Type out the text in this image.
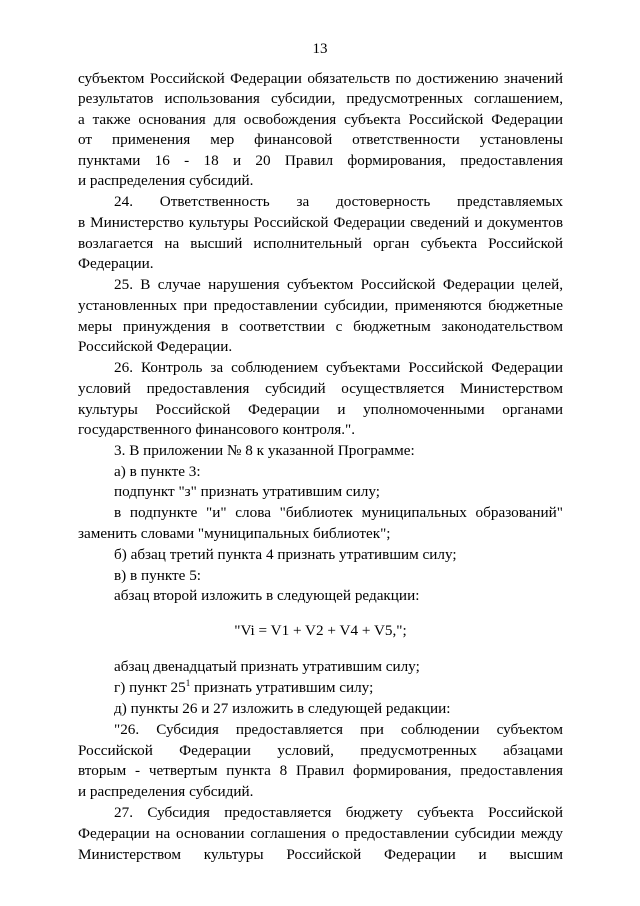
13
субъектом Российской Федерации обязательств по достижению значений
результатов использования субсидии, предусмотренных соглашением,
а также основания для освобождения субъекта Российской Федерации
от применения мер финансовой ответственности установлены
пунктами 16 - 18 и 20 Правил формирования, предоставления
и распределения субсидий.
24. Ответственность за достоверность представляемых
в Министерство культуры Российской Федерации сведений и документов
возлагается на высший исполнительный орган субъекта Российской
Федерации.
25. В случае нарушения субъектом Российской Федерации целей,
установленных при предоставлении субсидии, применяются бюджетные
меры принуждения в соответствии с бюджетным законодательством
Российской Федерации.
26. Контроль за соблюдением субъектами Российской Федерации
условий предоставления субсидий осуществляется Министерством
культуры Российской Федерации и уполномоченными органами
государственного финансового контроля.".
3. В приложении № 8 к указанной Программе:
а) в пункте 3:
подпункт "з" признать утратившим силу;
в подпункте "и" слова "библиотек муниципальных образований"
заменить словами "муниципальных библиотек";
б) абзац третий пункта 4 признать утратившим силу;
в) в пункте 5:
абзац второй изложить в следующей редакции:
"Vi = V1 + V2 + V4 + V5,";
абзац двенадцатый признать утратившим силу;
г) пункт $25^1$ признать утратившим силу;
д) пункты 26 и 27 изложить в следующей редакции:
"26. Субсидия предоставляется при соблюдении субъектом
Российской Федерации условий, предусмотренных абзацами
вторым - четвертым пункта 8 Правил формирования, предоставления
и распределения субсидий.
27. Субсидия предоставляется бюджету субъекта Российской
Федерации на основании соглашения о предоставлении субсидии между
Министерством культуры Российской Федерации и высшим
